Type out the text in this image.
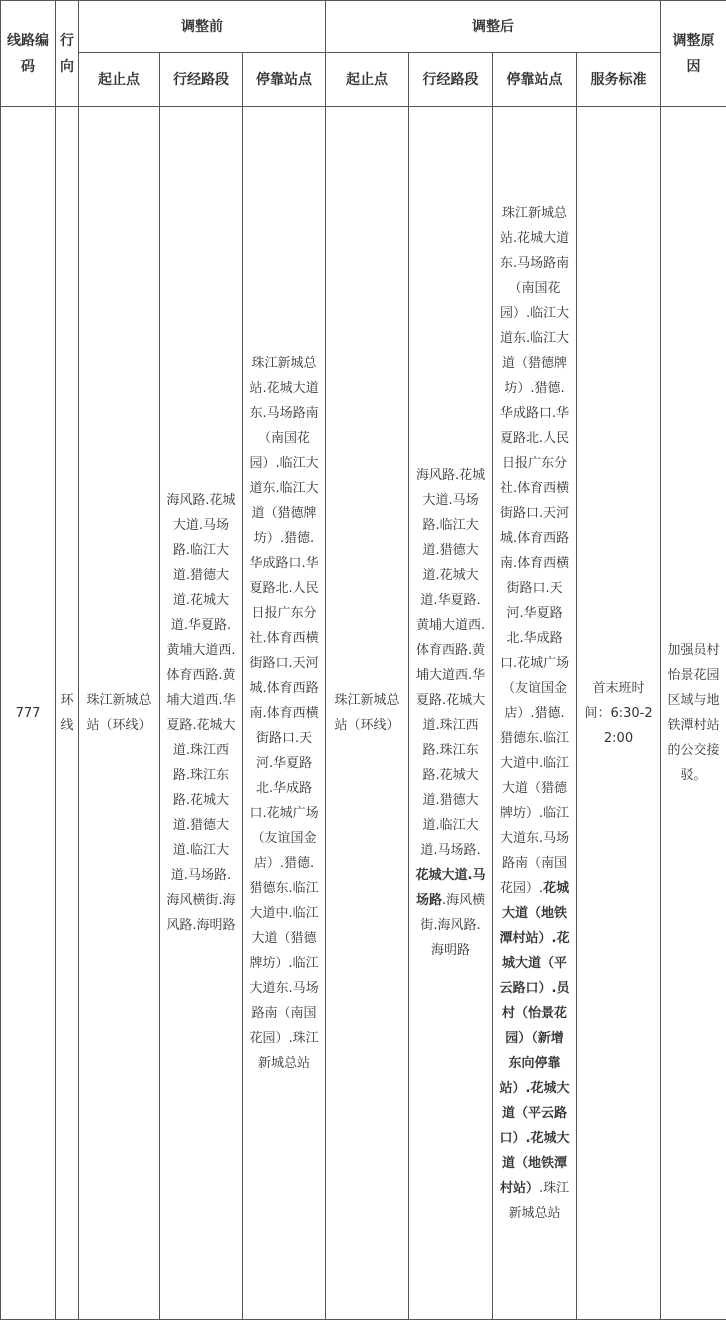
线路编码	行向	调整前			调整后				调整原因

		起止点	行经路段	停靠站点	起止点	行经路段	停靠站点	服务标准	
777	环线	珠江新城总站（环线）	海风路.花城大道.马场路.临江大道.猎德大道.花城大道.华夏路.黄埔大道西.体育西路.黄埔大道西.华夏路.花城大道.珠江西路.珠江东路.花城大道.猎德大道.临江大道.马场路.海风横街.海风路.海明路	珠江新城总站.花城大道东.马场路南（南国花园）.临江大道东.临江大道（猎德牌坊）.猎德.华成路口.华夏路北.人民日报广东分社.体育西横街路口.天河城.体育西路南.体育西横街路口.天河.华夏路北.华成路口.花城广场（友谊国金店）.猎德.猎德东.临江大道中.临江大道（猎德牌坊）.临江大道东.马场路南（南国花园）.珠江新城总站	珠江新城总站（环线）	海风路.花城大道.马场路.临江大道.猎德大道.花城大道.华夏路.黄埔大道西.体育西路.黄埔大道西.华夏路.花城大道.珠江西路.珠江东路.花城大道.猎德大道.临江大道.马场路.花城大道.马场路.海风横街.海风路.海明路	珠江新城总站.花城大道东.马场路南（南国花园）.临江大道东.临江大道（猎德牌坊）.猎德.华成路口.华夏路北.人民日报广东分社.体育西横街路口.天河城.体育西路南.体育西横街路口.天河.华夏路北.华成路口.花城广场（友谊国金店）.猎德.猎德东.临江大道中.临江大道（猎德牌坊）.临江大道东.马场路南（南国花园）.花城大道（地铁潭村站）.花城大道（平云路口）.员村（怡景花园）（新增东向停靠站）.花城大道（平云路口）.花城大道（地铁潭村站）.珠江新城总站	首末班时间：6:30-22:00	加强员村怡景花园区域与地铁潭村站的公交接驳。
